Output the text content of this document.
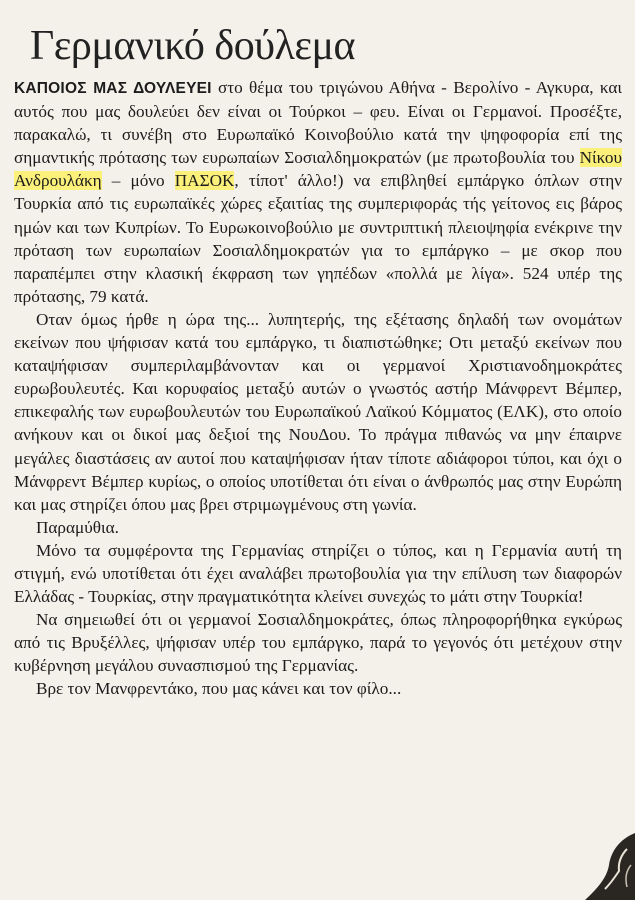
Γερμανικό δούλεμα

ΚΑΠΟΙΟΣ ΜΑΣ ΔΟΥΛΕΥΕΙ στο θέμα του τριγώνου Αθήνα - Βερολίνο - Αγκυρα, και αυτός που μας δουλεύει δεν είναι οι Τούρκοι – φευ. Είναι οι Γερμανοί. Προσέξτε, παρακαλώ, τι συνέβη στο Ευρωπαϊκό Κοινοβούλιο κατά την ψηφοφορία επί της σημαντικής πρότασης των ευρωπαίων Σοσιαλδημοκρατών (με πρωτοβουλία του Νίκου Ανδρουλάκη – μόνο ΠΑΣΟΚ, τίποτ' άλλο!) να επιβληθεί εμπάργκο όπλων στην Τουρκία από τις ευρωπαϊκές χώρες εξαιτίας της συμπεριφοράς τής γείτονος εις βάρος ημών και των Κυπρίων. Το Ευρωκοινοβούλιο με συντριπτική πλειοψηφία ενέκρινε την πρόταση των ευρωπαίων Σοσιαλδημοκρατών για το εμπάργκο – με σκορ που παραπέμπει στην κλασική έκφραση των γηπέδων «πολλά με λίγα». 524 υπέρ της πρότασης, 79 κατά.

Οταν όμως ήρθε η ώρα της... λυπητερής, της εξέτασης δηλαδή των ονομάτων εκείνων που ψήφισαν κατά του εμπάργκο, τι διαπιστώθηκε; Οτι μεταξύ εκείνων που καταψήφισαν συμπεριλαμβάνονταν και οι γερμανοί Χριστιανοδημοκράτες ευρωβουλευτές. Και κορυφαίος μεταξύ αυτών ο γνωστός αστήρ Μάνφρεντ Βέμπερ, επικεφαλής των ευρωβουλευτών του Ευρωπαϊκού Λαϊκού Κόμματος (ΕΛΚ), στο οποίο ανήκουν και οι δικοί μας δεξιοί της ΝουΔου. Το πράγμα πιθανώς να μην έπαιρνε μεγάλες διαστάσεις αν αυτοί που καταψήφισαν ήταν τίποτε αδιάφοροι τύποι, και όχι ο Μάνφρεντ Βέμπερ κυρίως, ο οποίος υποτίθεται ότι είναι ο άνθρωπός μας στην Ευρώπη και μας στηρίζει όπου μας βρει στριμωγμένους στη γωνία.

Παραμύθια.

Μόνο τα συμφέροντα της Γερμανίας στηρίζει ο τύπος, και η Γερμανία αυτή τη στιγμή, ενώ υποτίθεται ότι έχει αναλάβει πρωτοβουλία για την επίλυση των διαφορών Ελλάδας - Τουρκίας, στην πραγματικότητα κλείνει συνεχώς το μάτι στην Τουρκία!

Να σημειωθεί ότι οι γερμανοί Σοσιαλδημοκράτες, όπως πληροφορήθηκα εγκύρως από τις Βρυξέλλες, ψήφισαν υπέρ του εμπάργκο, παρά το γεγονός ότι μετέχουν στην κυβέρνηση μεγάλου συνασπισμού της Γερμανίας.

Βρε τον Μανφρεντάκο, που μας κάνει και τον φίλο...
